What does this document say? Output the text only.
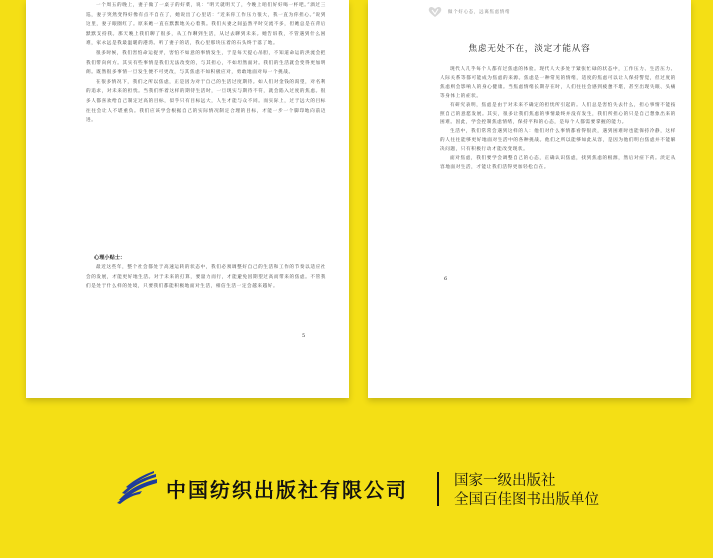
一个周五的晚上，妻子做了一桌子的好菜，说：“明天就明天了，今晚上咱们好好喝一杯吧。”酒过三巡，妻子突然变得好像有点不自在了，她说出了心里话：“近来你工作压力很大，我一直为你担心。”说到这里，妻子眼圈红了。原来她一直在默默地关心着我。我们夫妻之间虽然平时交流不多，但她总是在背后默默支持我。那天晚上我们聊了很多，从工作聊到生活，从过去聊到未来。她告诉我，不管遇到什么困难，家永远是我最温暖的港湾。听了妻子的话，我心里那块压着的石头终于落了地。

很多时候，我们害怕命运捉弄，害怕不如意的事情发生，于是每天提心吊胆，不知道命运的洪流会把我们带向何方。其实有些事情是我们无法改变的，与其担心，不如坦然面对。我们的生活就会变得更加明朗。既然很多事情一旦发生便不可更改，与其焦虑不如积极应对，勇敢地面对每一个挑战。

在很多情况下，我们之所以焦虑，正是因为对于自己的生活过度期待。如人们对金钱的渴望，对名利的追求，对未来的担忧。当我们怀着这样的期待生活时，一旦现实与期待不符，就会陷入过度的焦虑。很多人都喜欢给自己制定过高的目标，似乎只有目标远大，人生才能与众不同。而实际上，过于远大的目标往往会让人不堪重负。我们应该学会根据自己的实际情况制定合理的目标，才能一步一个脚印地向前迈进。

心理小贴士：

最近这些年，整个社会都处于高速运转的状态中，我们必须调整好自己的生活和工作的节奏以适应社会的发展，才能更好地生活。对于未来的打算，要量力而行，才能避免因期望过高而带来的焦虑。不管我们是处于什么样的处境，只要我们都能积极地面对生活，相信生活一定会越来越好。

5
做个好心态，远离焦虑情绪
焦虑无处不在，淡定才能从容

现代人几乎每个人都有过焦虑的体验。现代人大多处于紧张忙碌的状态中，工作压力、生活压力、人际关系等都可能成为焦虑的来源。焦虑是一种常见的情绪，适度的焦虑可以让人保持警觉，但过度的焦虑则会影响人的身心健康。当焦虑情绪长期存在时，人们往往会感到疲惫不堪，甚至出现失眠、头痛等身体上的症状。

有研究表明，焦虑是由于对未来不确定的担忧所引起的。人们总是害怕失去什么，担心事情不能按照自己的意愿发展。其实，很多让我们焦虑的事情最终并没有发生，我们所担心的只是自己想象出来的困难。因此，学会控制焦虑情绪，保持平和的心态，是每个人都需要掌握的能力。

生活中，我们常常会遇到这样的人：他们对什么事情都看得很淡，遇到困难时也能保持冷静，这样的人往往能够更好地面对生活中的各种挑战。他们之所以能够如此从容，是因为他们明白焦虑并不能解决问题，只有积极行动才能改变现状。

面对焦虑，我们要学会调整自己的心态，正确认识焦虑，找到焦虑的根源，然后对症下药。淡定从容地面对生活，才能让我们活得更加轻松自在。

6

中国纺织出版社有限公司	国家一级出版社

全国百佳图书出版单位
